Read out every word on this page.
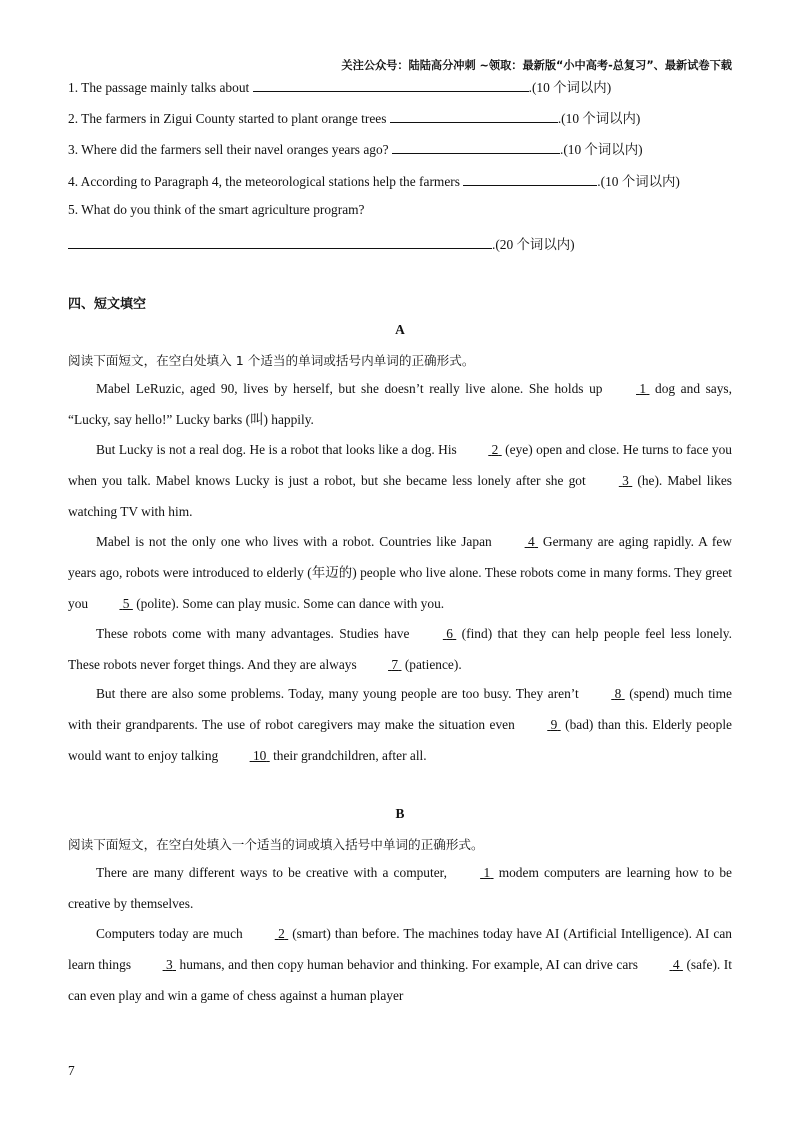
关注公众号：陆陆高分冲刺 ~领取：最新版“小中高考-总复习”、最新试卷下载
1. The passage mainly talks about	.(10 个词以内)
2. The farmers in Zigui County started to plant orange trees	.(10 个词以内)
3. Where did the farmers sell their navel oranges years ago?	.(10 个词以内)
4. According to Paragraph 4, the meteorological stations help the farmers	.(10 个词以内)
5. What do you think of the smart agriculture program?
.(20 个词以内)
四、短文填空
A
阅读下面短文，在空白处填入 1 个适当的单词或括号内单词的正确形式。
Mabel LeRuzic, aged 90, lives by herself, but she doesn’t really live alone. She holds up  1  dog and says, “Lucky, say hello!” Lucky barks (叫) happily.
But Lucky is not a real dog. He is a robot that looks like a dog. His  2  (eye) open and close. He turns to face you when you talk. Mabel knows Lucky is just a robot, but she became less lonely after she got  3  (he). Mabel likes watching TV with him.
Mabel is not the only one who lives with a robot. Countries like Japan  4  Germany are aging rapidly. A few years ago, robots were introduced to elderly (年迈的) people who live alone. These robots come in many forms. They greet you  5  (polite). Some can play music. Some can dance with you.
These robots come with many advantages. Studies have  6  (find) that they can help people feel less lonely. These robots never forget things. And they are always  7  (patience).
But there are also some problems. Today, many young people are too busy. They aren’t  8  (spend) much time with their grandparents. The use of robot caregivers may make the situation even  9  (bad) than this. Elderly people would want to enjoy talking  10  their grandchildren, after all.
B
阅读下面短文，在空白处填入一个适当的词或填入括号中单词的正确形式。
There are many different ways to be creative with a computer,  1  modem computers are learning how to be creative by themselves.
Computers today are much  2  (smart) than before. The machines today have AI (Artificial Intelligence). AI can learn things  3  humans, and then copy human behavior and thinking. For example, AI can drive cars  4  (safe). It can even play and win a game of chess against a human player
7
